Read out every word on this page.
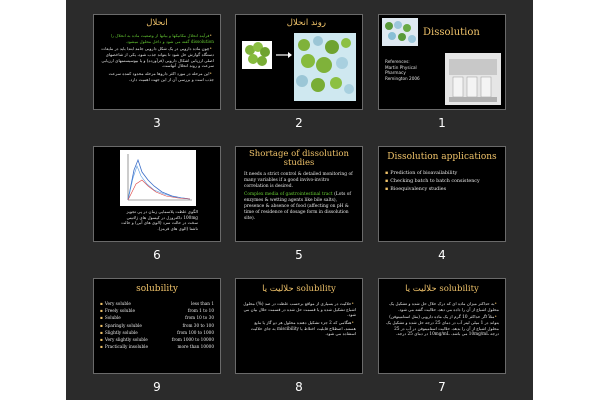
انحلال

•فرآیند انحلال مکانیکها و بیانها از وضعیت ماده به انحلال را dissolution گفته می شود و داخل محلول میشود.

•چون ماده دارویی در یک شکل دارویی جامد ابتدا باید در مایعات دستگاه گوارش حل شود تا بتواند جذب شود، یکی از شاخصهای اصلی ارزیابی اشکال دارویی (فرآورده) و یا بیوسیستمهای ارزیابی سرعت و روند انحلال آنهاست.

•این مرحله در مورد اکثر داروها مرحله محدود کننده سرعت جذب است و بررسی آن از این جهت اهمیت دارد.

3
روند انحلال
2
Dissolution
References:
Martin Physical
Pharmacy
Remington 2006
1
الگوی غلظت پلاسمایی زمان در پی تجویز 100mg داکتروزل در کپسول های ژلاتینی سخت در حالت سرد (الوی های آبی) و حالت ناشتا (الوی های قرمز).
6
Shortage of dissolution studies

It needs a strict control & detailed monitoring of many variables if a good invivo-invitro correlation is desired.

Complex media of gastrointestinal tract (Lots of enzymes & wetting agents like bile salts), presence & absence of food (affecting on pH & time of residence of dosage form in dissolution site).

5
Dissolution applications
▪ Prediction of bioavailability
▪ Checking batch to batch consistency
▪ Bioequivalency studies
4
solubility
▪ Very soluble	less than 1
▪ Freely soluble	from 1 to 10
▪ Soluble	from 10 to 30
▪ Sparingly soluble	from 30 to 100
▪ Slightly soluble	from 100 to 1000
▪ Very slightly soluble	from 1000 to 10000
▪ Practically insoluble	more than 10000
9
حلالیت یا solubility

•حلالیت در بسیاری از مواقع برحسب غلظت در صد (%) محلول اشباع تشکیل شده و یا قسمت حل شده در قسمت حلال بیان می شود.

•هنگامی که 2 جزء تشکیل دهنده محلول هر دو گاز یا مایع هستند، اصطلاح قابلیت اختلاط یا miscibility به جای حلالیت استفاده می شود.

8
حلالیت یا solubility

•به حداکثر میزان ماده ای که درک حلال حل شده و تشکیل یک محلول اشباع از آن را داده می دهد، حلالیت گفته می شود.

•مثلاً اگر حداکثر 10 گرم از یک ماده دارویی (مثل استامینوفن) بتواند در 1 میلی لیتر آب در دمای 25 درجه حل شده و تشکیل یک محلول اشباع از آن را بدهد، حلالیت استامینوفن در آب در 25 درجه 10mg/mL می باشد. 10mg/mL در دمای 25 درجه.

7
